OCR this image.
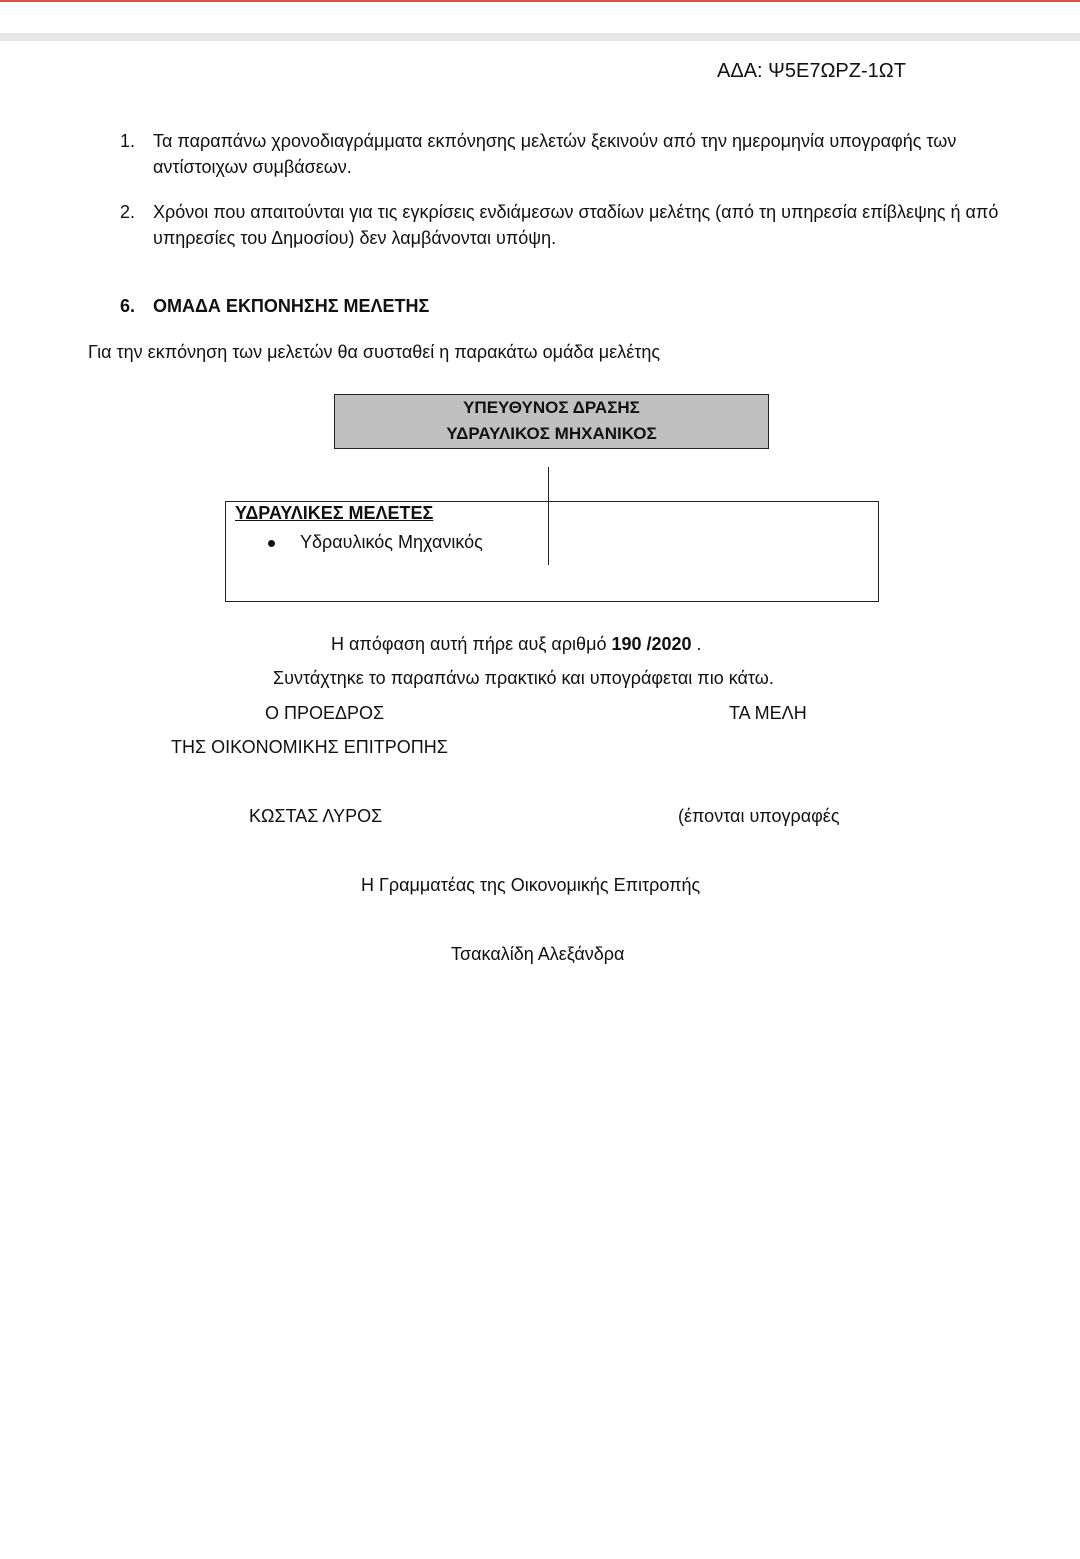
ΑΔΑ: Ψ5Ε7ΩΡΖ-1ΩΤ
1. Τα παραπάνω χρονοδιαγράμματα εκπόνησης μελετών ξεκινούν από την ημερομηνία υπογραφής των αντίστοιχων συμβάσεων.
2. Χρόνοι που απαιτούνται για τις εγκρίσεις ενδιάμεσων σταδίων μελέτης (από τη υπηρεσία επίβλεψης ή από υπηρεσίες του Δημοσίου) δεν λαμβάνονται υπόψη.
6. ΟΜΑΔΑ ΕΚΠΟΝΗΣΗΣ ΜΕΛΕΤΗΣ
Για την εκπόνηση των μελετών θα συσταθεί η παρακάτω ομάδα μελέτης
ΥΠΕΥΘΥΝΟΣ ΔΡΑΣΗΣ
ΥΔΡΑΥΛΙΚΟΣ ΜΗΧΑΝΙΚΟΣ
ΥΔΡΑΥΛΙΚΕΣ ΜΕΛΕΤΕΣ
Υδραυλικός Μηχανικός
Η απόφαση αυτή πήρε αυξ αριθμό 190 /2020 .
Συντάχτηκε το παραπάνω πρακτικό και υπογράφεται πιο κάτω.
Ο ΠΡΟΕΔΡΟΣ	ΤΑ ΜΕΛΗ
ΤΗΣ ΟΙΚΟΝΟΜΙΚΗΣ ΕΠΙΤΡΟΠΗΣ
ΚΩΣΤΑΣ ΛΥΡΟΣ	(έπονται υπογραφές
Η Γραμματέας της Οικονομικής Επιτροπής
Τσακαλίδη Αλεξάνδρα
